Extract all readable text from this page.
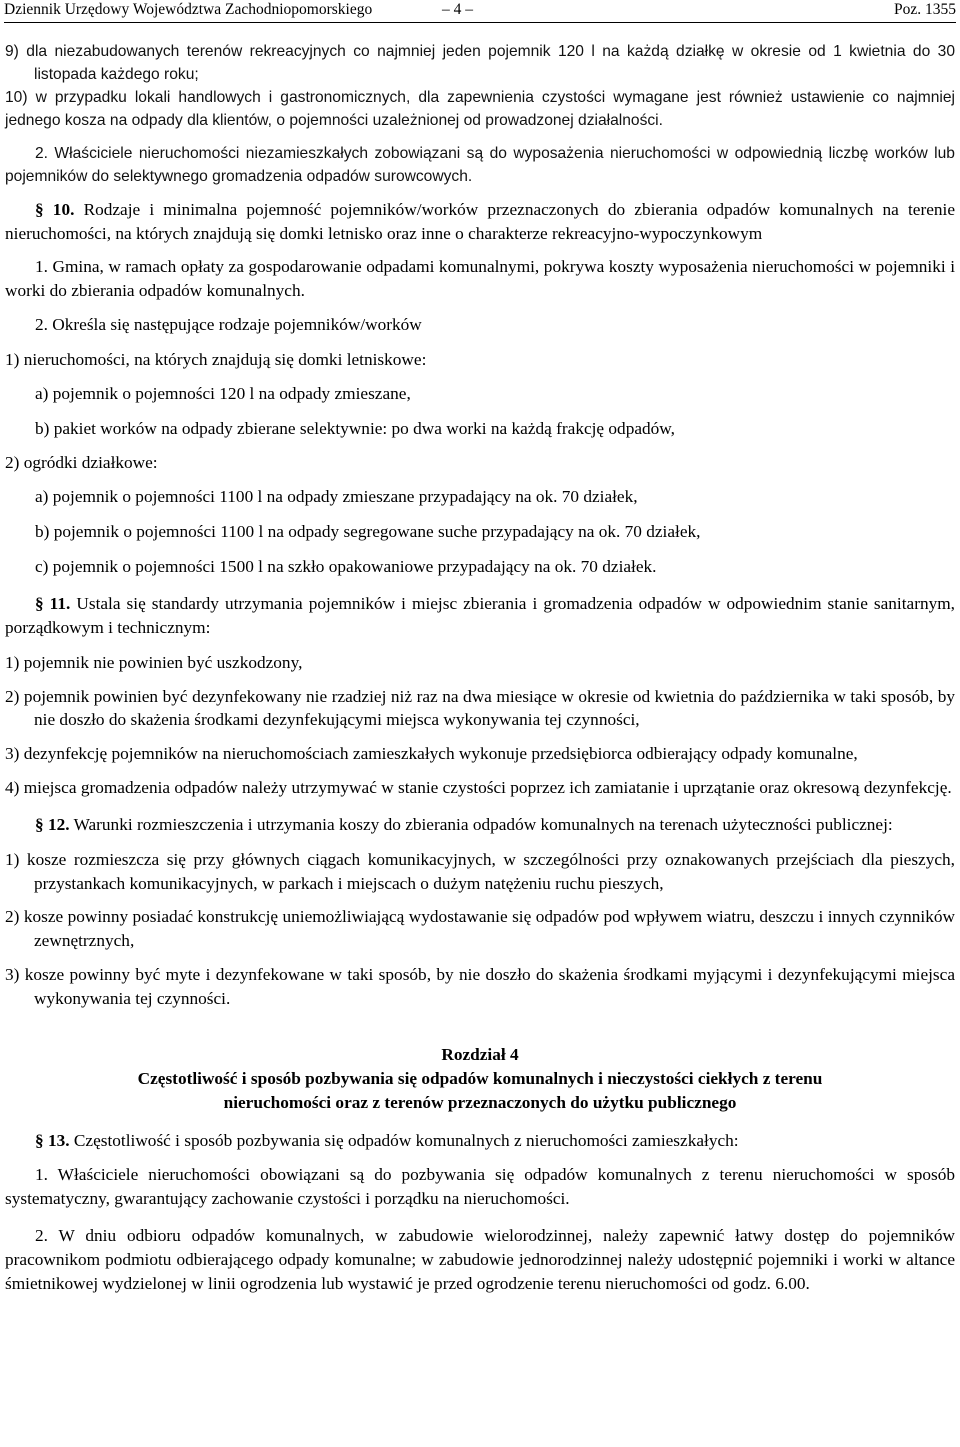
Dziennik Urzędowy Województwa Zachodniopomorskiego	– 4 –	Poz. 1355

9) dla niezabudowanych terenów rekreacyjnych co najmniej jeden pojemnik 120 l na każdą działkę w okresie od 1 kwietnia do 30 listopada każdego roku;

10) w przypadku lokali handlowych i gastronomicznych, dla zapewnienia czystości wymagane jest również ustawienie co najmniej jednego kosza na odpady dla klientów, o pojemności uzależnionej od prowadzonej działalności.

2. Właściciele nieruchomości niezamieszkałych zobowiązani są do wyposażenia nieruchomości w odpowiednią liczbę worków lub pojemników do selektywnego gromadzenia odpadów surowcowych.

§ 10. Rodzaje i minimalna pojemność pojemników/worków przeznaczonych do zbierania odpadów komunalnych na terenie nieruchomości, na których znajdują się domki letnisko oraz inne o charakterze rekreacyjno-wypoczynkowym

1. Gmina, w ramach opłaty za gospodarowanie odpadami komunalnymi, pokrywa koszty wyposażenia nieruchomości w pojemniki i worki do zbierania odpadów komunalnych.

2. Określa się następujące rodzaje pojemników/worków

1) nieruchomości, na których znajdują się domki letniskowe:

a) pojemnik o pojemności 120 l na odpady zmieszane,

b) pakiet worków na odpady zbierane selektywnie: po dwa worki na każdą frakcję odpadów,

2) ogródki działkowe:

a) pojemnik o pojemności 1100 l na odpady zmieszane przypadający na ok. 70 działek,

b) pojemnik o pojemności 1100 l na odpady segregowane suche przypadający na ok. 70 działek,

c) pojemnik o pojemności 1500 l na szkło opakowaniowe przypadający na ok. 70 działek.

§ 11. Ustala się standardy utrzymania pojemników i miejsc zbierania i gromadzenia odpadów w odpowiednim stanie sanitarnym, porządkowym i technicznym:

1) pojemnik nie powinien być uszkodzony,

2) pojemnik powinien być dezynfekowany nie rzadziej niż raz na dwa miesiące w okresie od kwietnia do października w taki sposób, by nie doszło do skażenia środkami dezynfekującymi miejsca wykonywania tej czynności,

3) dezynfekcję pojemników na nieruchomościach zamieszkałych wykonuje przedsiębiorca odbierający odpady komunalne,

4) miejsca gromadzenia odpadów należy utrzymywać w stanie czystości poprzez ich zamiatanie i uprzątanie oraz okresową dezynfekcję.

§ 12. Warunki rozmieszczenia i utrzymania koszy do zbierania odpadów komunalnych na terenach użyteczności publicznej:

1) kosze rozmieszcza się przy głównych ciągach komunikacyjnych, w szczególności przy oznakowanych przejściach dla pieszych, przystankach komunikacyjnych, w parkach i miejscach o dużym natężeniu ruchu pieszych,

2) kosze powinny posiadać konstrukcję uniemożliwiającą wydostawanie się odpadów pod wpływem wiatru, deszczu i innych czynników zewnętrznych,

3) kosze powinny być myte i dezynfekowane w taki sposób, by nie doszło do skażenia środkami myjącymi i dezynfekującymi miejsca wykonywania tej czynności.

Rozdział 4
Częstotliwość i sposób pozbywania się odpadów komunalnych i nieczystości ciekłych z terenu
nieruchomości oraz z terenów przeznaczonych do użytku publicznego

§ 13. Częstotliwość i sposób pozbywania się odpadów komunalnych z nieruchomości zamieszkałych:

1. Właściciele nieruchomości obowiązani są do pozbywania się odpadów komunalnych z terenu nieruchomości w sposób systematyczny, gwarantujący zachowanie czystości i porządku na nieruchomości.

2. W dniu odbioru odpadów komunalnych, w zabudowie wielorodzinnej, należy zapewnić łatwy dostęp do pojemników pracownikom podmiotu odbierającego odpady komunalne; w zabudowie jednorodzinnej należy udostępnić pojemniki i worki w altance śmietnikowej wydzielonej w linii ogrodzenia lub wystawić je przed ogrodzenie terenu nieruchomości od godz. 6.00.
